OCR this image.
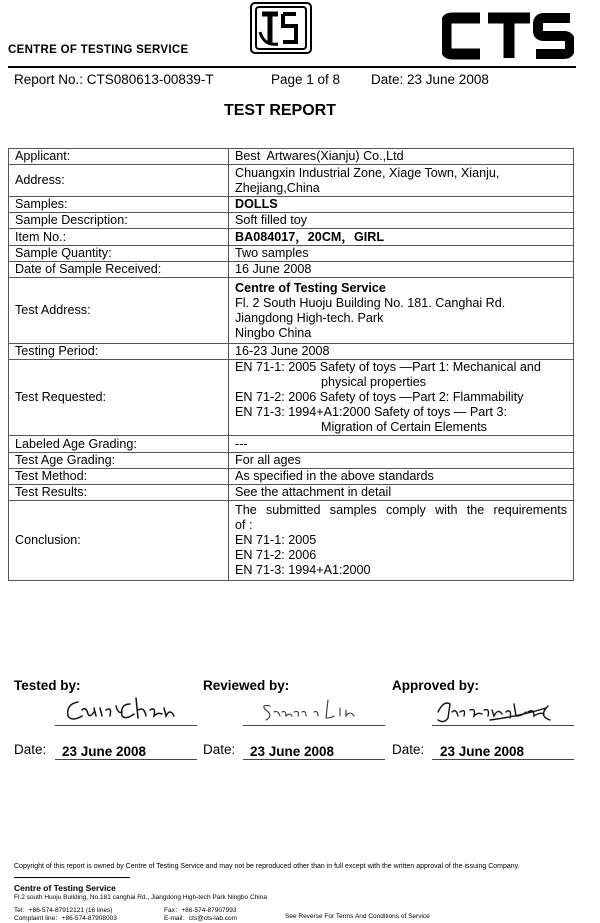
CENTRE OF TESTING SERVICE
Report No.: CTS080613-00839-T	Page 1 of 8 Date: 23 June 2008
TEST REPORT
Applicant:	Best  Artwares(Xianju) Co.,Ltd
Address:	Chuangxin Industrial Zone, Xiage Town, Xianju,
Zhejiang,China

Samples:	DOLLS
Sample Description:	Soft filled toy
Item No.:	BA084017，20CM，GIRL
Sample Quantity:	Two samples
Date of Sample Received:	16 June 2008
Test Address:	Centre of Testing Service
Fl. 2 South Huoju Building No. 181. Canghai Rd.
Jiangdong High-tech. Park
Ningbo China

Testing Period:	16-23 June 2008
Test Requested:	EN 71-1: 2005 Safety of toys —Part 1: Mechanical and
physical properties
EN 71-2: 2006 Safety of toys —Part 2: Flammability
EN 71-3: 1994+A1:2000 Safety of toys — Part 3:
Migration of Certain Elements

Labeled Age Grading:	---
Test Age Grading:	For all ages
Test Method:	As specified in the above standards
Test Results:	See the attachment in detail
Conclusion:	The submitted samples comply with the requirements
of :
EN 71-1: 2005
EN 71-2: 2006
EN 71-3: 1994+A1:2000
Tested by:	Reviewed by:	Approved by:
Date:	Date:	Date:
23 June 2008	23 June 2008	23 June 2008
Copyright of this report is owned by Centre of Testing Service and may not be reproduced other than in full except with the written approval of the issuing Company.
Centre of Testing Service
Fl.2 south Huoju Building, No.181 canghai Rd., Jiangdong High-tech Park Ningbo China
Tel：+86-574-87912121 (16 lines)	Fax：+86-574-87907993
Complaint line：+86-574-87908003	E-mail：cts@cts-lab.com	See Reverse For Terms And Conditions of Service
